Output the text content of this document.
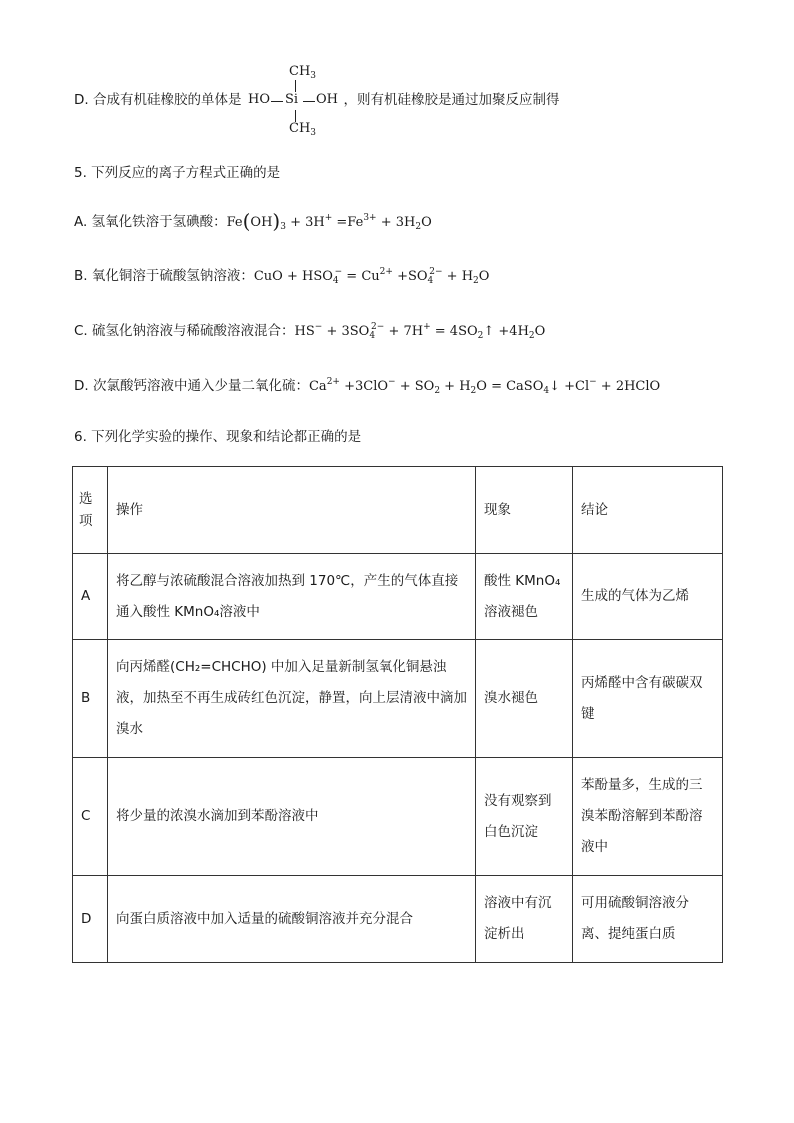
D. 合成有机硅橡胶的单体是	，则有机硅橡胶是通过加聚反应制得
$CH_3$
HO Si OH
$CH_3$
5. 下列反应的离子方程式正确的是
A. 氢氧化铁溶于氢碘酸：$Fe(OH)_3 + 3H^+ =Fe^{3+} + 3H_2O$
B. 氧化铜溶于硫酸氢钠溶液：CuO + $HSO_4^- = Cu^{2+} +SO_4^{2-} + H_2O$
C. 硫氢化钠溶液与稀硫酸溶液混合：$HS^- + 3SO_4^{2-} + 7H^+$ = $4SO_2↑ +4H_2O$
D. 次氯酸钙溶液中通入少量二氧化硫：$Ca^{2+} +3ClO^- + SO_2 + H_2O$ = CaSO$_4$↓ +Cl− + 2HClO
6. 下列化学实验的操作、现象和结论都正确的是
选项	操作	现象	结论
A	将乙醇与浓硫酸混合溶液加热到 170℃，产生的气体直接通入酸性 KMnO₄溶液中	酸性 KMnO₄ 溶液褪色	生成的气体为乙烯
B	向丙烯醛(CH₂=CHCHO) 中加入足量新制氢氧化铜悬浊液，加热至不再生成砖红色沉淀，静置，向上层清液中滴加溴水	溴水褪色	丙烯醛中含有碳碳双键
C	将少量的浓溴水滴加到苯酚溶液中	没有观察到白色沉淀	苯酚量多，生成的三溴苯酚溶解到苯酚溶液中
D	向蛋白质溶液中加入适量的硫酸铜溶液并充分混合	溶液中有沉淀析出	可用硫酸铜溶液分离、提纯蛋白质
